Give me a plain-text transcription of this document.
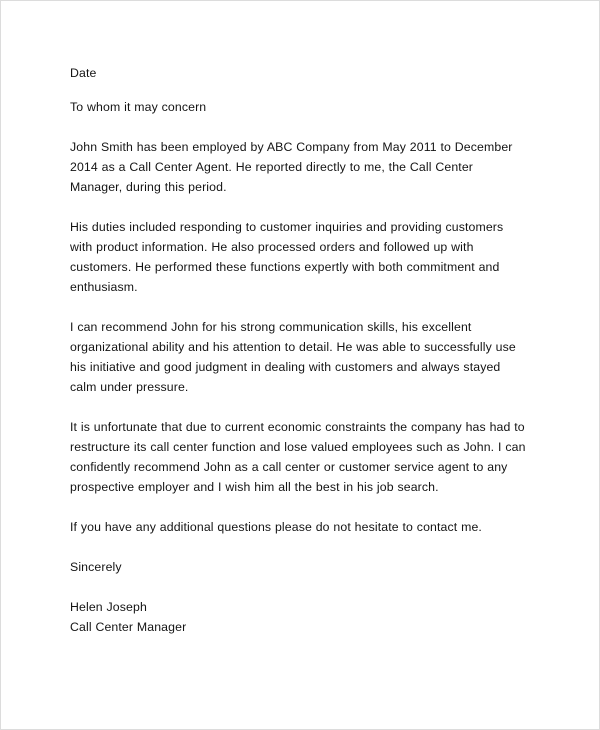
Date

To whom it may concern

John Smith has been employed by ABC Company from May 2011 to December 2014 as a Call Center Agent. He reported directly to me, the Call Center Manager, during this period.

His duties included responding to customer inquiries and providing customers with product information. He also processed orders and followed up with customers. He performed these functions expertly with both commitment and enthusiasm.

I can recommend John for his strong communication skills, his excellent organizational ability and his attention to detail. He was able to successfully use his initiative and good judgment in dealing with customers and always stayed calm under pressure.

It is unfortunate that due to current economic constraints the company has had to restructure its call center function and lose valued employees such as John. I can confidently recommend John as a call center or customer service agent to any prospective employer and I wish him all the best in his job search.

If you have any additional questions please do not hesitate to contact me.

Sincerely

Helen Joseph
Call Center Manager
